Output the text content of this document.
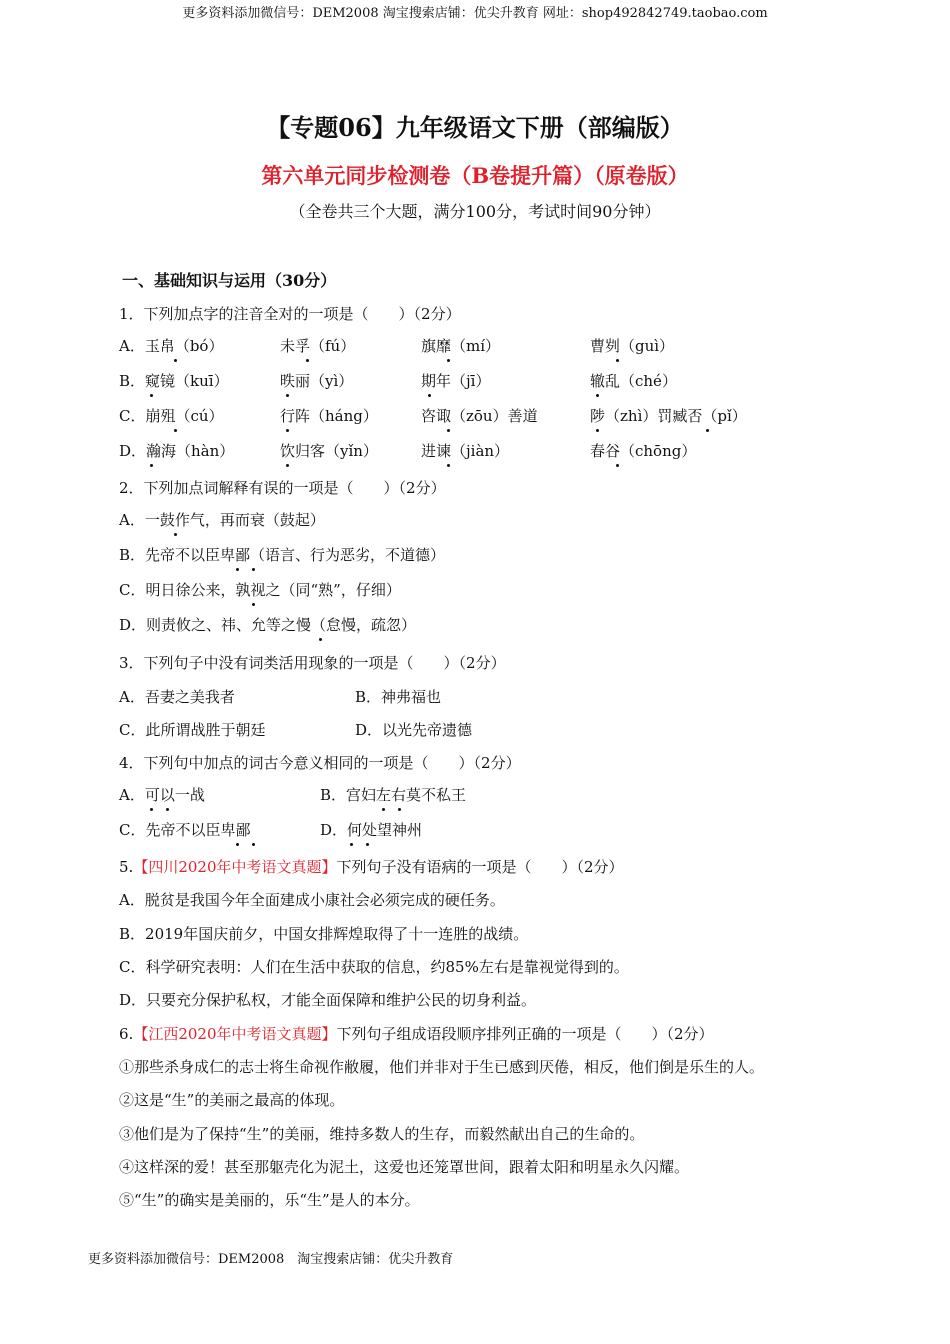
更多资料添加微信号：DEM2008 淘宝搜索店铺：优尖升教育 网址：shop492842749.taobao.com
【专题06】九年级语文下册（部编版）
第六单元同步检测卷（B卷提升篇）（原卷版）
（全卷共三个大题，满分100分，考试时间90分钟）
一、基础知识与运用（30分）
1．下列加点字的注音全对的一项是（　　）（2分）
A．玉帛（bó）	未孚（fú）	旗靡（mí）	曹刿（guì）
B．窥镜（kuī）	昳丽（yì）	期年（jī）	辙乱（ché）
C．崩殂（cú）	行阵（háng）	咨诹（zōu）善道	陟（zhì）罚臧否（pǐ）
D．瀚海（hàn）	饮归客（yǐn）	进谏（jiàn）	春谷（chōng）
2．下列加点词解释有误的一项是（　　）（2分）
A．一鼓作气，再而衰（鼓起）
B．先帝不以臣卑鄙（语言、行为恶劣，不道德）
C．明日徐公来，孰视之（同“熟”，仔细）
D．则责攸之、祎、允等之慢（怠慢，疏忽）
3．下列句子中没有词类活用现象的一项是（　　）（2分）
A．吾妻之美我者	B．神弗福也
C．此所谓战胜于朝廷	D．以光先帝遗德
4．下列句中加点的词古今意义相同的一项是（　　）（2分）
A．可以一战	B．宫妇左右莫不私王
C．先帝不以臣卑鄙	D．何处望神州
5.【四川2020年中考语文真题】下列句子没有语病的一项是（　　）（2分）
A．脱贫是我国今年全面建成小康社会必须完成的硬任务。
B．2019年国庆前夕，中国女排辉煌取得了十一连胜的战绩。
C．科学研究表明：人们在生活中获取的信息，约85%左右是靠视觉得到的。
D．只要充分保护私权，才能全面保障和维护公民的切身利益。
6.【江西2020年中考语文真题】下列句子组成语段顺序排列正确的一项是（　　）（2分）
①那些杀身成仁的志士将生命视作敝履，他们并非对于生已感到厌倦，相反，他们倒是乐生的人。
②这是“生”的美丽之最高的体现。
③他们是为了保持“生”的美丽，维持多数人的生存，而毅然献出自己的生命的。
④这样深的爱！甚至那躯壳化为泥土，这爱也还笼罩世间，跟着太阳和明星永久闪耀。
⑤“生”的确实是美丽的，乐“生”是人的本分。
更多资料添加微信号：DEM2008　淘宝搜索店铺：优尖升教育
